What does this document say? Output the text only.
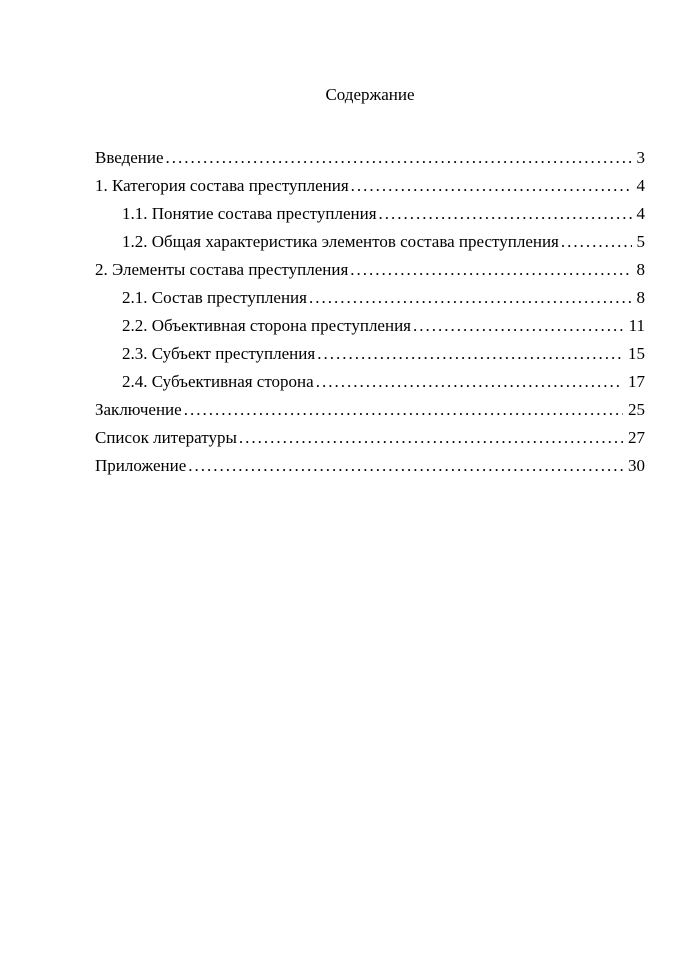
Содержание
Введение .....	3
1. Категория состава преступления .....	4
1.1. Понятие состава преступления .....	4
1.2. Общая характеристика элементов состава преступления .....	5
2. Элементы состава преступления .....	8
2.1. Состав преступления .....	8
2.2. Объективная сторона преступления .....	11
2.3. Субъект преступления .....	15
2.4. Субъективная сторона .....	17
Заключение .....	25
Список литературы .....	27
Приложение .....	30
